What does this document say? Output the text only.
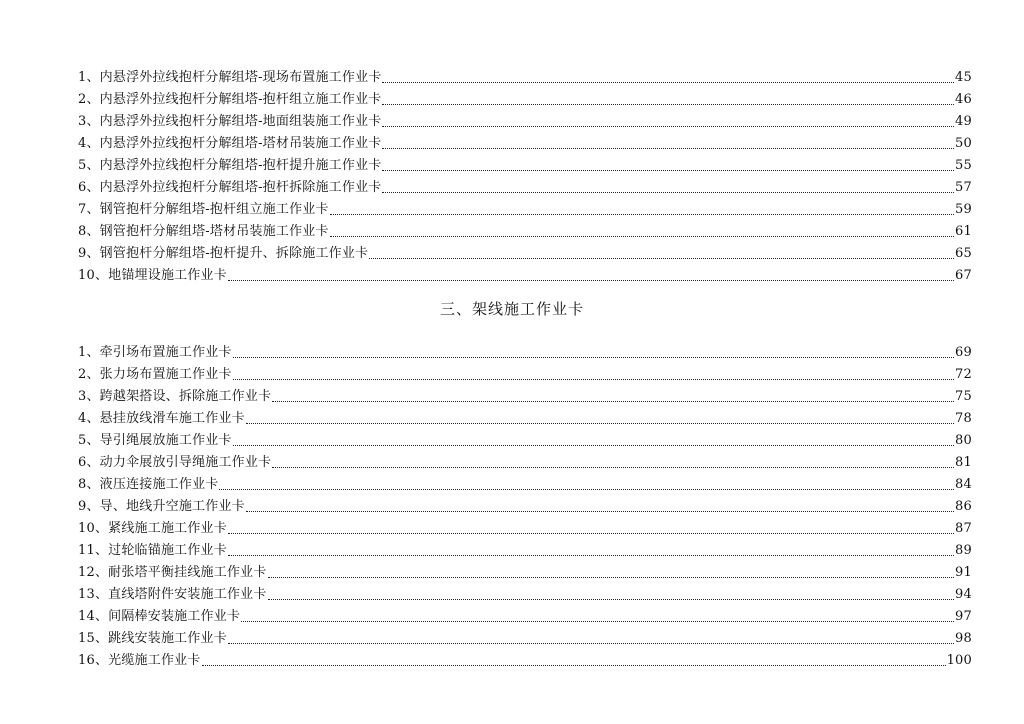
1、内悬浮外拉线抱杆分解组塔-现场布置施工作业卡	45
2、内悬浮外拉线抱杆分解组塔-抱杆组立施工作业卡	46
3、内悬浮外拉线抱杆分解组塔-地面组装施工作业卡	49
4、内悬浮外拉线抱杆分解组塔-塔材吊装施工作业卡	50
5、内悬浮外拉线抱杆分解组塔-抱杆提升施工作业卡	55
6、内悬浮外拉线抱杆分解组塔-抱杆拆除施工作业卡	57
7、钢管抱杆分解组塔-抱杆组立施工作业卡	59
8、钢管抱杆分解组塔-塔材吊装施工作业卡	61
9、钢管抱杆分解组塔-抱杆提升、拆除施工作业卡	65
10、地锚埋设施工作业卡	67
三、架线施工作业卡
1、牵引场布置施工作业卡	69
2、张力场布置施工作业卡	72
3、跨越架搭设、拆除施工作业卡	75
4、悬挂放线滑车施工作业卡	78
5、导引绳展放施工作业卡	80
6、动力伞展放引导绳施工作业卡	81
8、液压连接施工作业卡	84
9、导、地线升空施工作业卡	86
10、紧线施工施工作业卡	87
11、过轮临锚施工作业卡	89
12、耐张塔平衡挂线施工作业卡	91
13、直线塔附件安装施工作业卡	94
14、间隔棒安装施工作业卡	97
15、跳线安装施工作业卡	98
16、光缆施工作业卡	100
